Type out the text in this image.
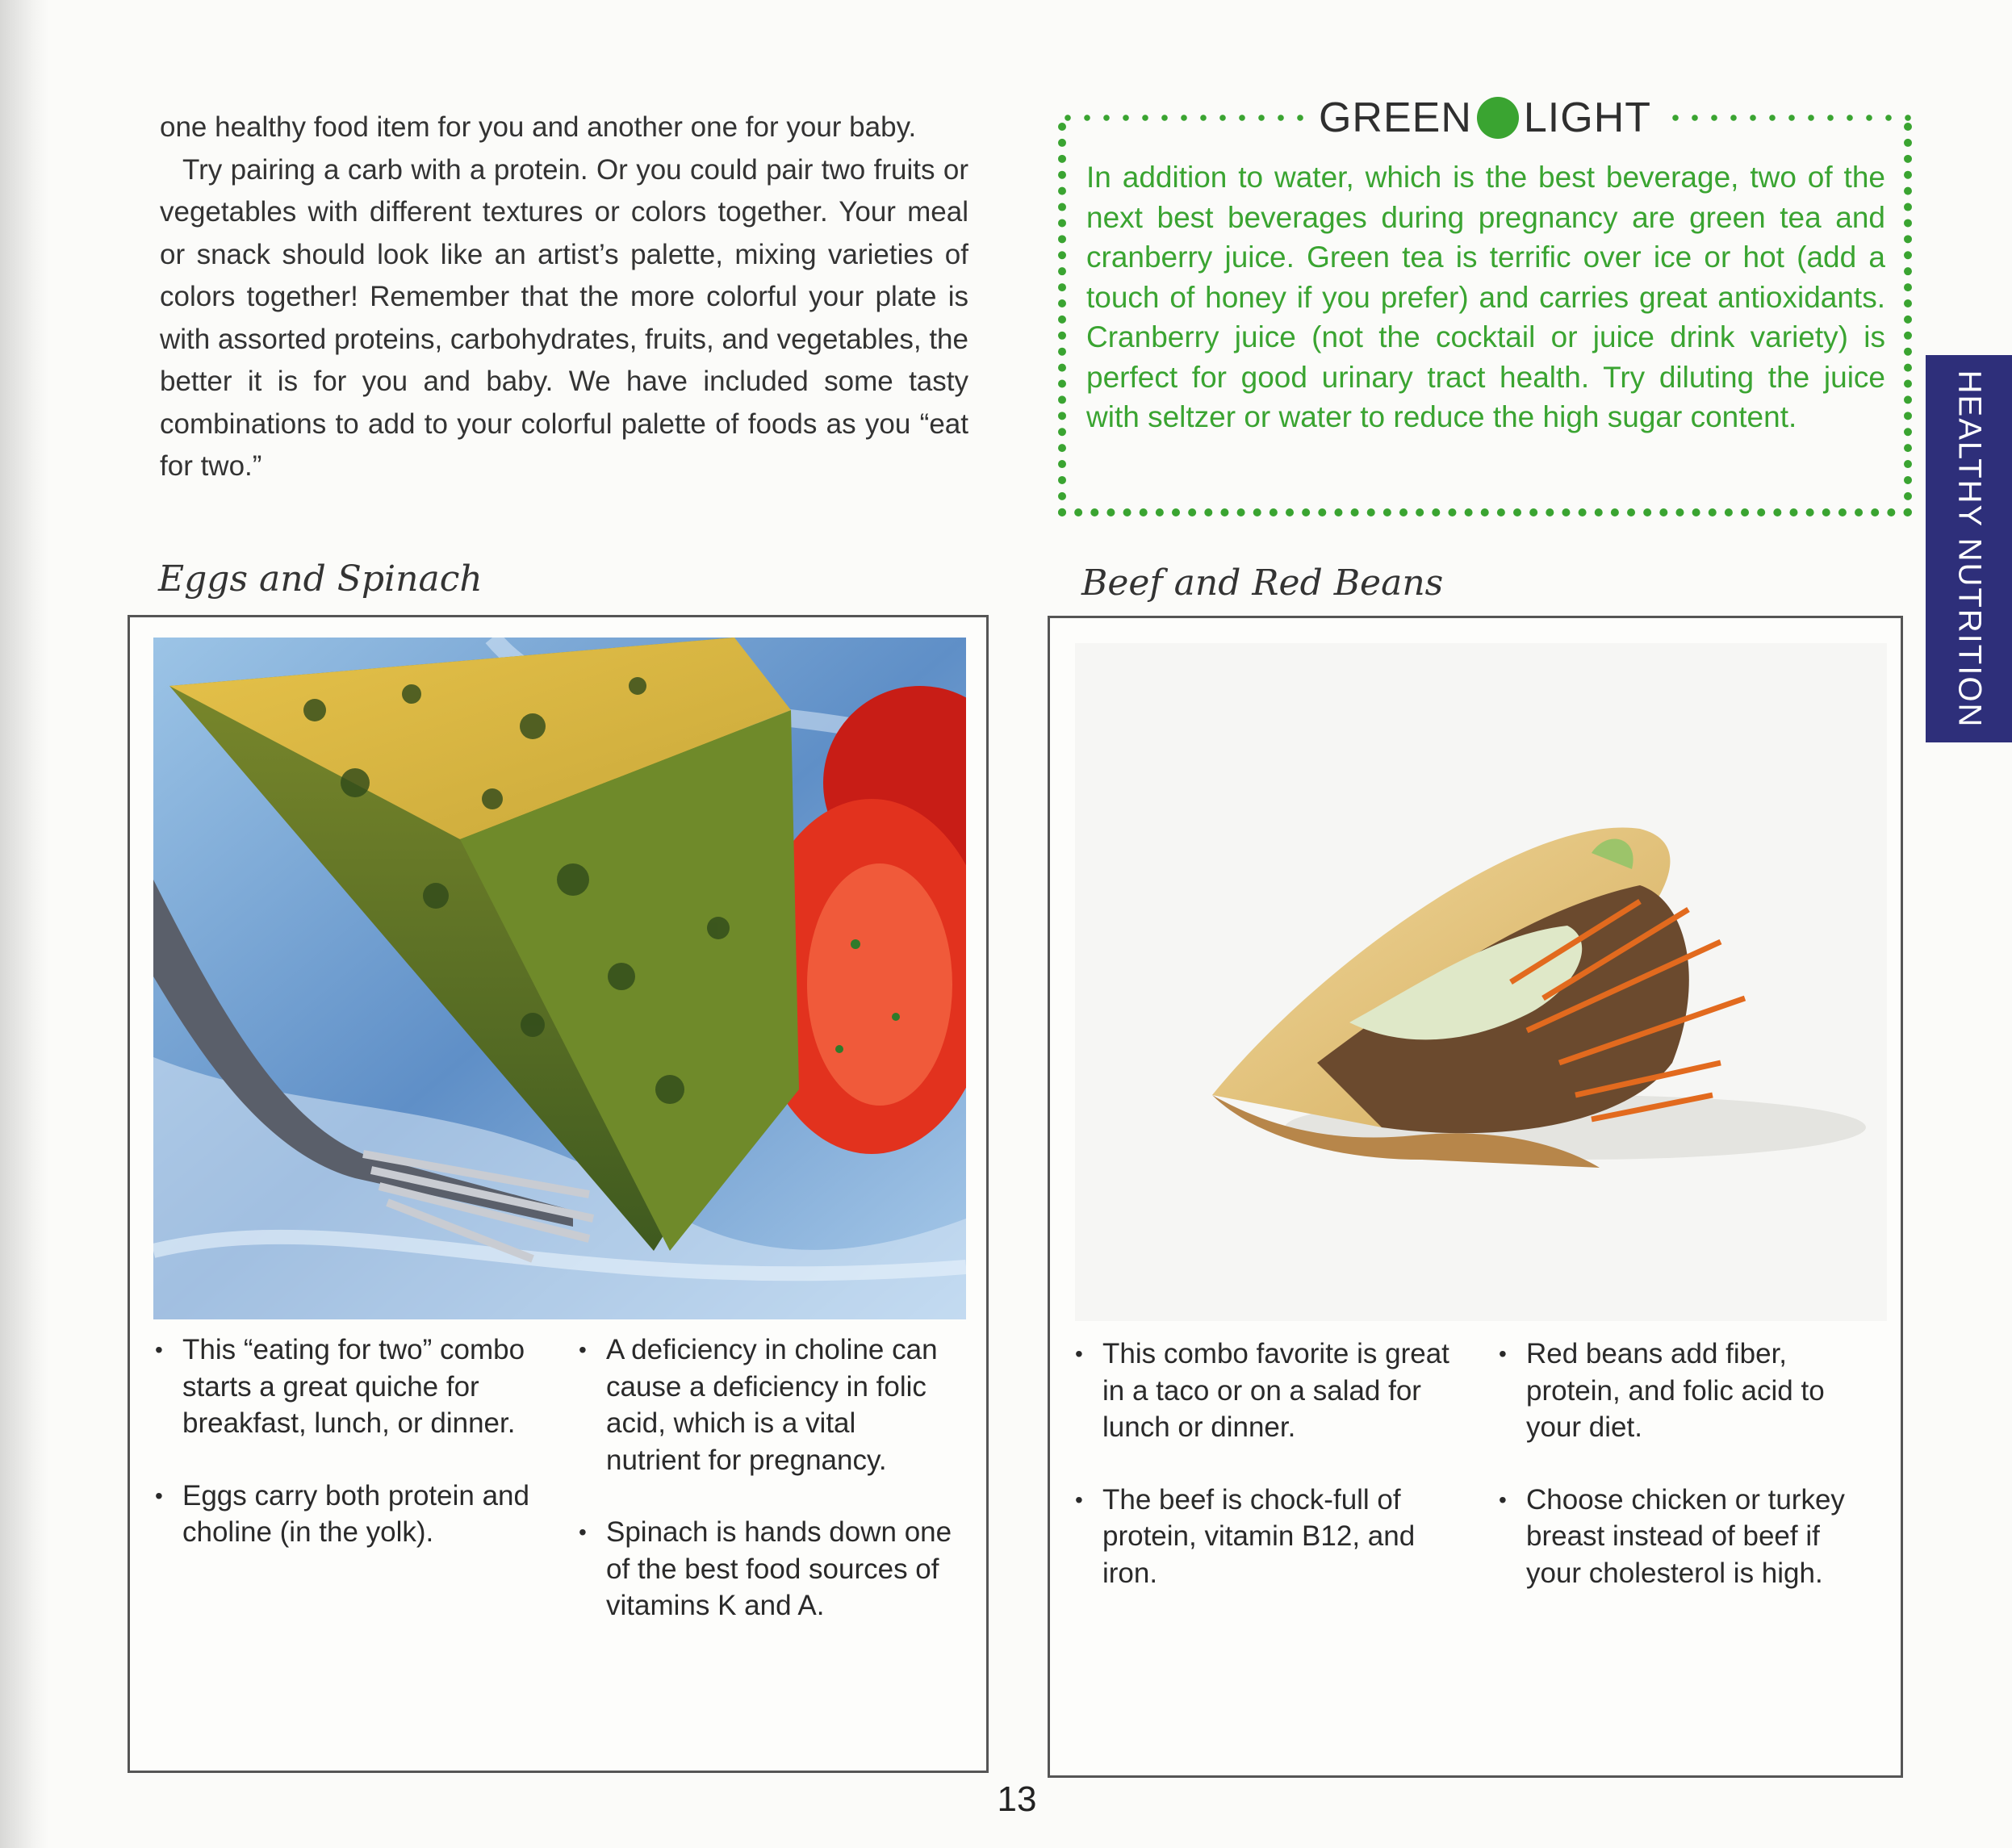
one healthy food item for you and another one for your baby.

Try pairing a carb with a protein. Or you could pair two fruits or vegetables with different textures or colors together. Your meal or snack should look like an artist’s palette, mixing varieties of colors together! Remember that the more colorful your plate is with assorted proteins, carbohydrates, fruits, and vegetables, the better it is for you and baby. We have included some tasty combinations to add to your colorful palette of foods as you “eat for two.”

GREEN LIGHT
In addition to water, which is the best beverage, two of the next best beverages during pregnancy are green tea and cranberry juice. Green tea is terrific over ice or hot (add a touch of honey if you prefer) and carries great antioxidants. Cranberry juice (not the cocktail or juice drink variety) is perfect for good urinary tract health. Try diluting the juice with seltzer or water to reduce the high sugar content.	HEALTHY NUTRITION
Eggs and Spinach
• This “eating for two” combo starts a great quiche for breakfast, lunch, or dinner.
• Eggs carry both protein and choline (in the yolk).
• A deficiency in choline can cause a deficiency in folic acid, which is a vital nutrient for pregnancy.
• Spinach is hands down one of the best food sources of vitamins K and A.
Beef and Red Beans
• This combo favorite is great in a taco or on a salad for lunch or dinner.
• The beef is chock-full of protein, vitamin B12, and iron.
• Red beans add fiber, protein, and folic acid to your diet.
• Choose chicken or turkey breast instead of beef if your cholesterol is high.
13
